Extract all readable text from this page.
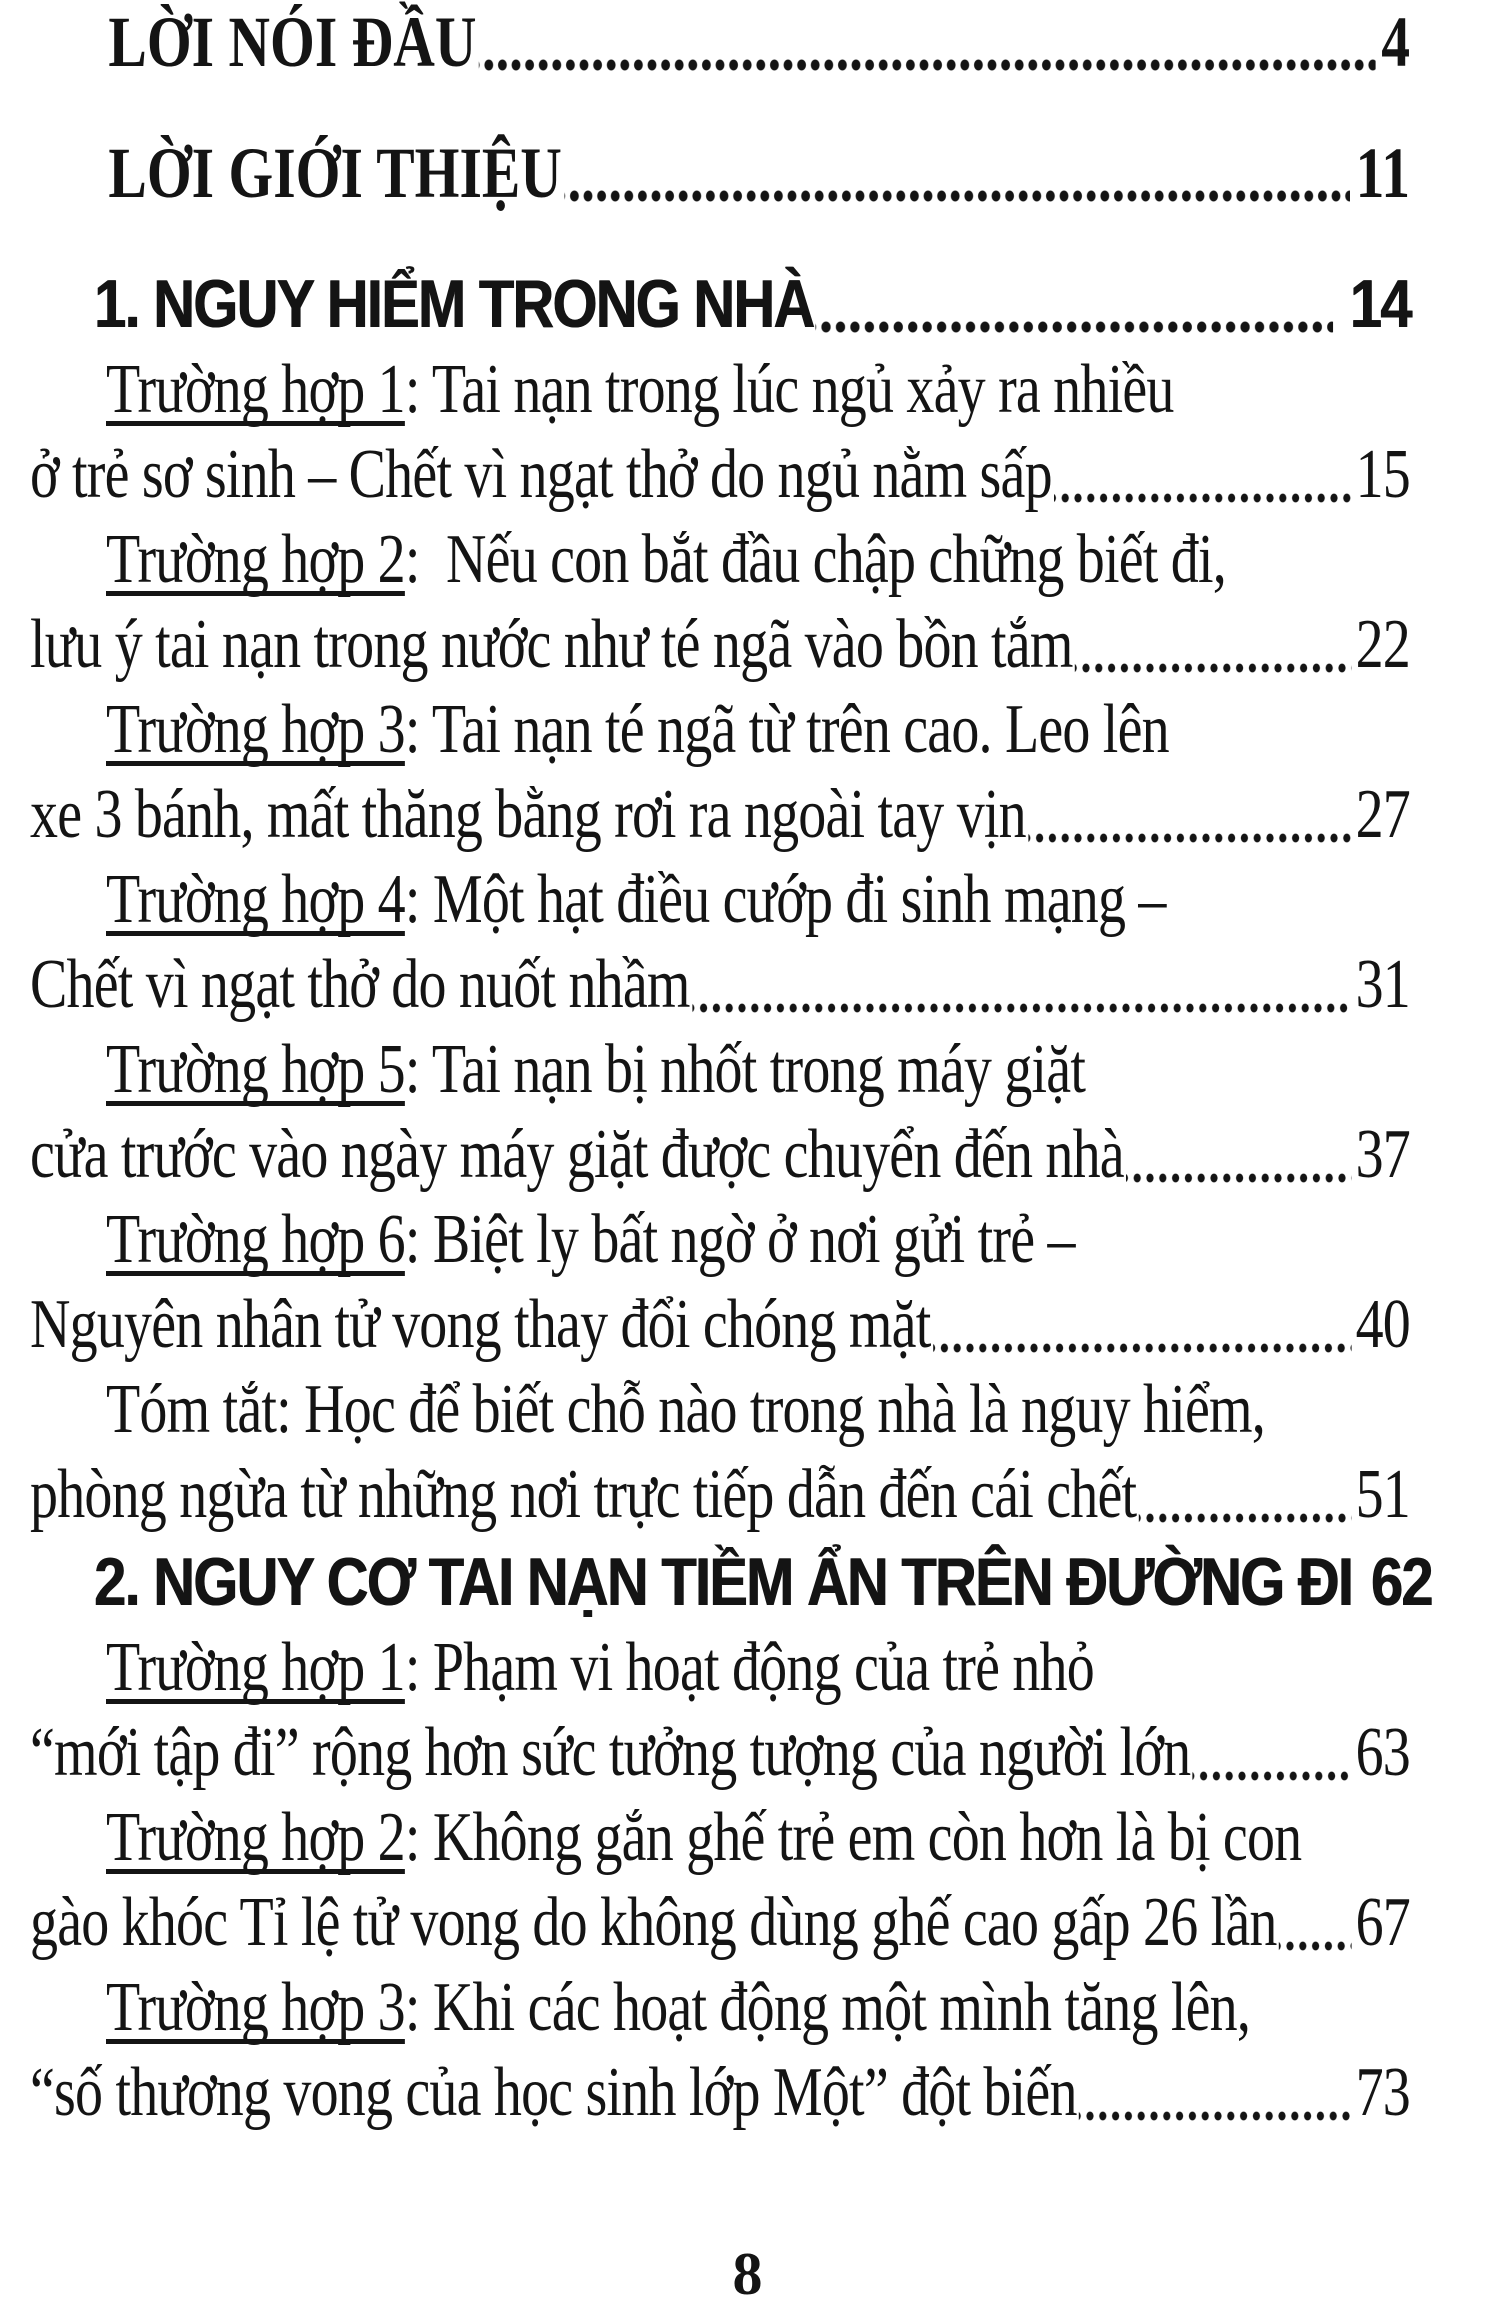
LỜI NÓI ĐẦU	4
LỜI GIỚI THIỆU	11
1. NGUY HIỂM TRONG NHÀ	14
Trường hợp 1: Tai nạn trong lúc ngủ xảy ra nhiều
ở trẻ sơ sinh – Chết vì ngạt thở do ngủ nằm sấp	15
Trường hợp 2:  Nếu con bắt đầu chập chững biết đi,
lưu ý tai nạn trong nước như té ngã vào bồn tắm	22
Trường hợp 3: Tai nạn té ngã từ trên cao. Leo lên
xe 3 bánh, mất thăng bằng rơi ra ngoài tay vịn	27
Trường hợp 4: Một hạt điều cướp đi sinh mạng –
Chết vì ngạt thở do nuốt nhầm	31
Trường hợp 5: Tai nạn bị nhốt trong máy giặt
cửa trước vào ngày máy giặt được chuyển đến nhà	37
Trường hợp 6: Biệt ly bất ngờ ở nơi gửi trẻ –
Nguyên nhân tử vong thay đổi chóng mặt	40
Tóm tắt: Học để biết chỗ nào trong nhà là nguy hiểm,
phòng ngừa từ những nơi trực tiếp dẫn đến cái chết	51
2. NGUY CƠ TAI NẠN TIỀM ẨN TRÊN ĐƯỜNG ĐI 62
Trường hợp 1: Phạm vi hoạt động của trẻ nhỏ
“mới tập đi” rộng hơn sức tưởng tượng của người lớn 63
Trường hợp 2: Không gắn ghế trẻ em còn hơn là bị con
gào khóc Tỉ lệ tử vong do không dùng ghế cao gấp 26 lần 67
Trường hợp 3: Khi các hoạt động một mình tăng lên,
“số thương vong của học sinh lớp Một” đột biến	73
8
